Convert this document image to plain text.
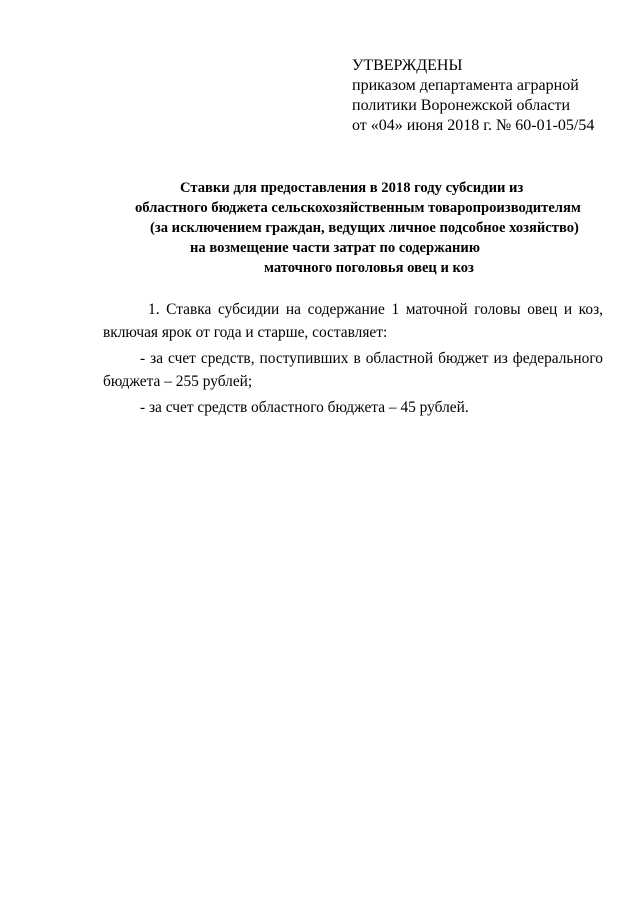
УТВЕРЖДЕНЫ
приказом департамента аграрной
политики Воронежской области
от «04» июня 2018 г. № 60-01-05/54
Ставки для предоставления в 2018 году субсидии из
областного бюджета сельскохозяйственным товаропроизводителям
(за исключением граждан, ведущих личное подсобное хозяйство)
на возмещение части затрат по содержанию
маточного поголовья овец и коз
1. Ставка субсидии на содержание 1 маточной головы овец и коз,
включая ярок от года и старше, составляет:
- за счет средств, поступивших в областной бюджет из федерального
бюджета – 255 рублей;
- за счет средств областного бюджета – 45 рублей.
